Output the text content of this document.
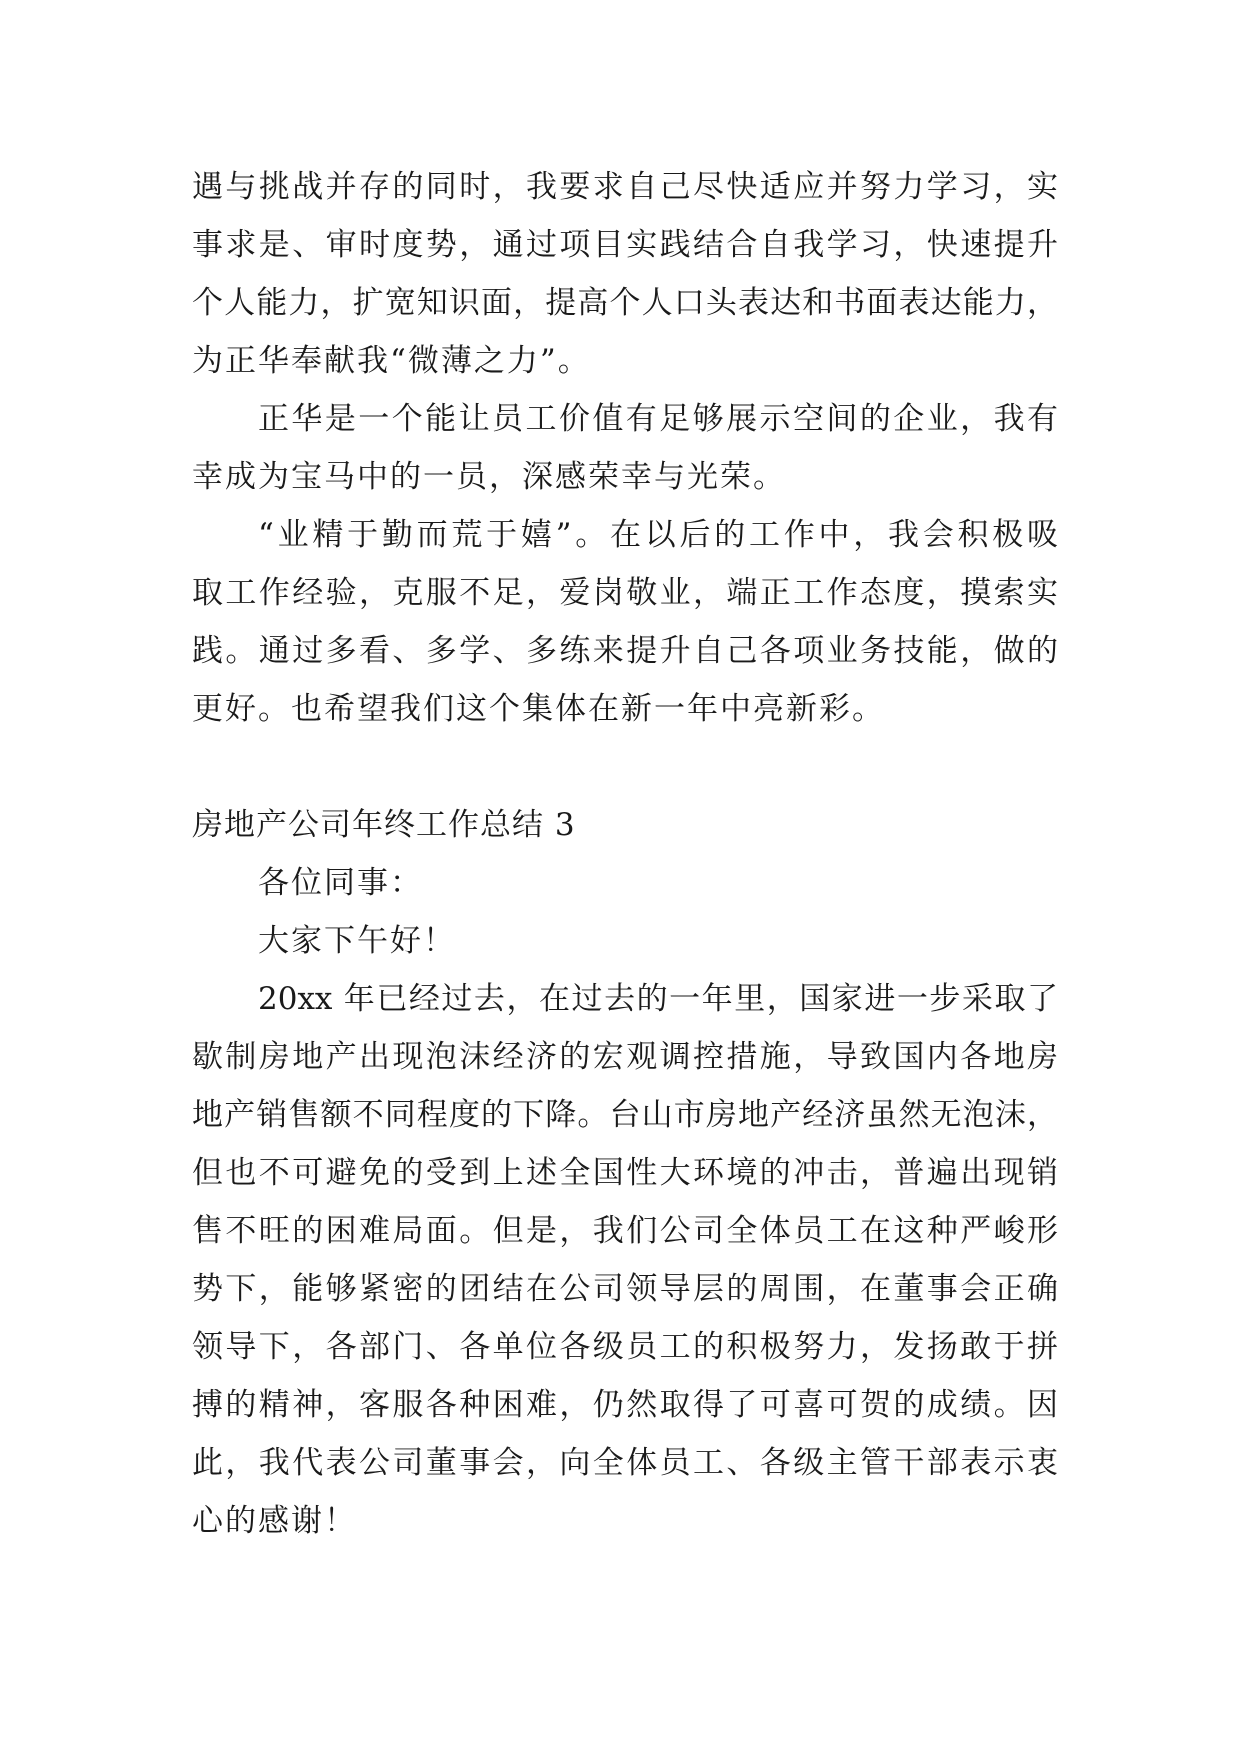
遇与挑战并存的同时，我要求自己尽快适应并努力学习，实
事求是、审时度势，通过项目实践结合自我学习，快速提升
个人能力，扩宽知识面，提高个人口头表达和书面表达能力，
为正华奉献我“微薄之力”。
正华是一个能让员工价值有足够展示空间的企业，我有
幸成为宝马中的一员，深感荣幸与光荣。
“业精于勤而荒于嬉”。在以后的工作中，我会积极吸
取工作经验，克服不足，爱岗敬业，端正工作态度，摸索实
践。通过多看、多学、多练来提升自己各项业务技能，做的
更好。也希望我们这个集体在新一年中亮新彩。
房地产公司年终工作总结 3
各位同事：
大家下午好！
20xx 年已经过去，在过去的一年里，国家进一步采取了
歇制房地产出现泡沫经济的宏观调控措施，导致国内各地房
地产销售额不同程度的下降。台山市房地产经济虽然无泡沫，
但也不可避免的受到上述全国性大环境的冲击，普遍出现销
售不旺的困难局面。但是，我们公司全体员工在这种严峻形
势下，能够紧密的团结在公司领导层的周围，在董事会正确
领导下，各部门、各单位各级员工的积极努力，发扬敢于拼
搏的精神，客服各种困难，仍然取得了可喜可贺的成绩。因
此，我代表公司董事会，向全体员工、各级主管干部表示衷
心的感谢！
